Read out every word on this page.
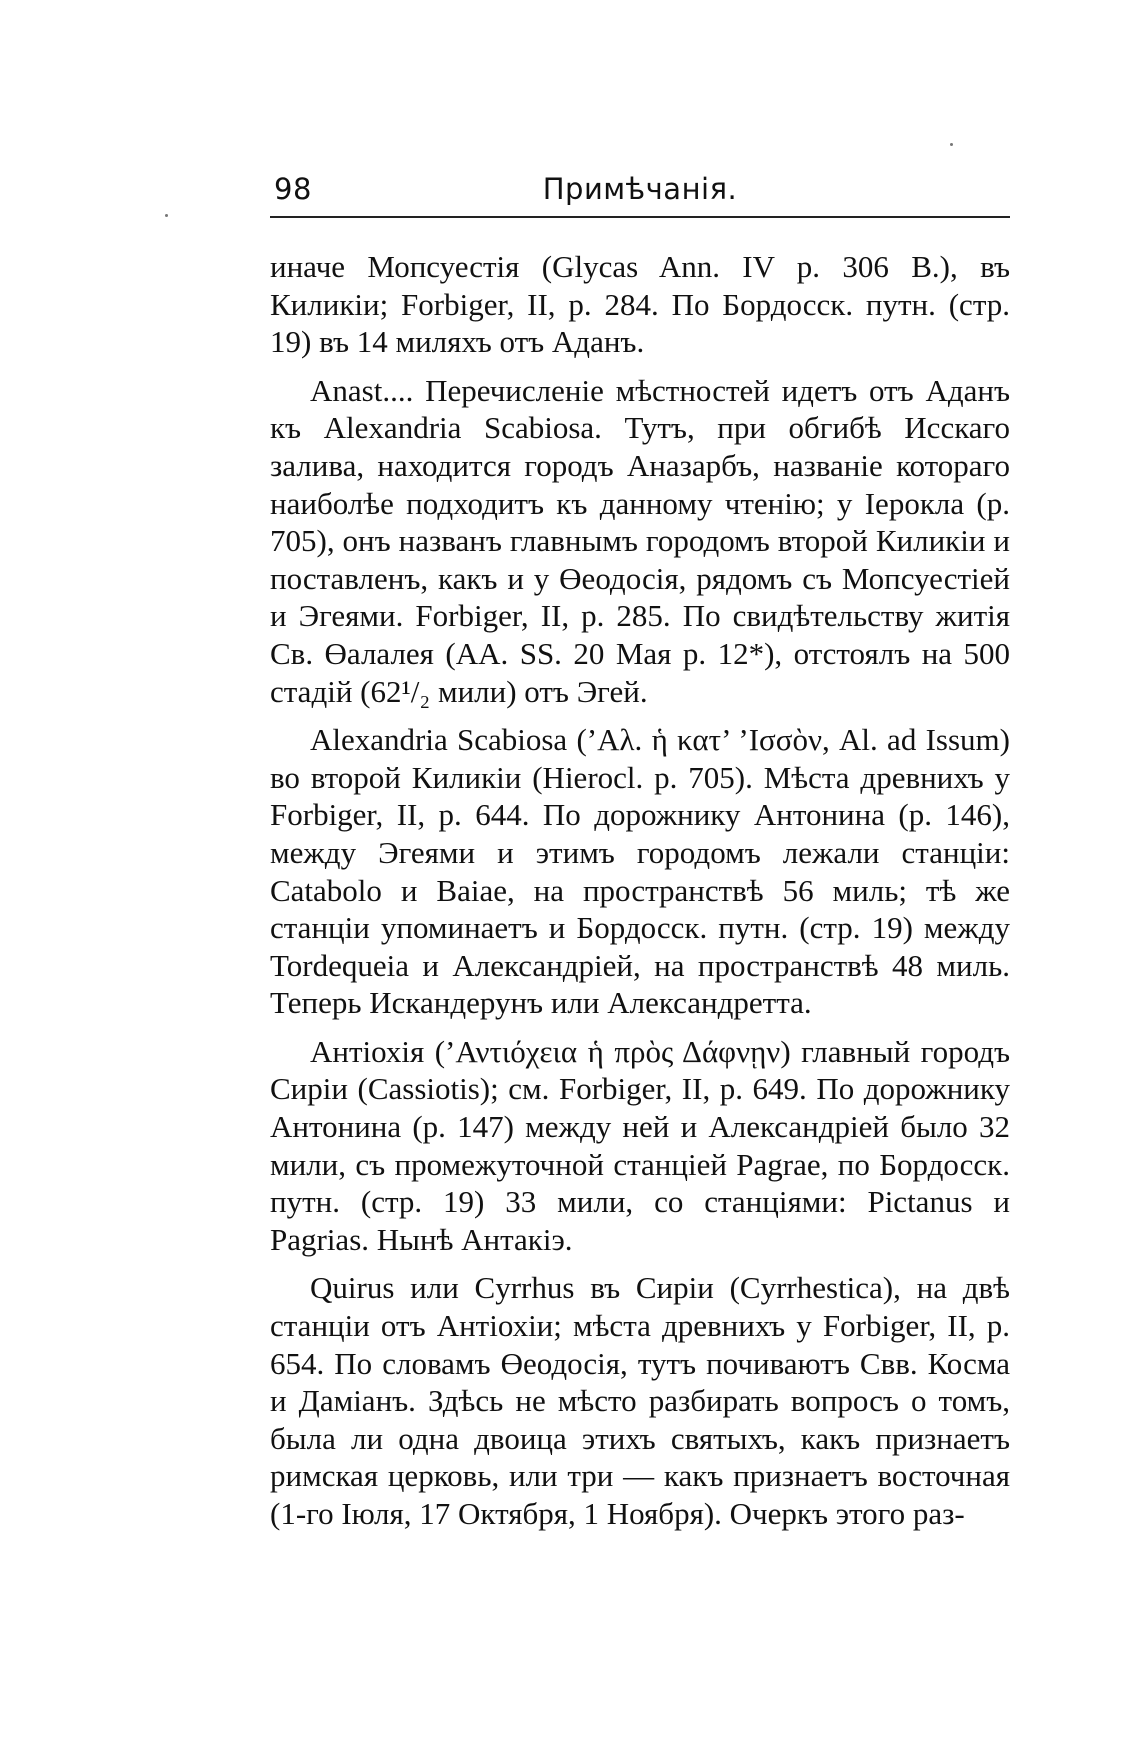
98	Примѣчанія.

иначе Мопсуестія (Glycas Ann. IV p. 306 B.), въ Киликіи; Forbiger, II, p. 284. По Бордосск. путн. (стр. 19) въ 14 миляхъ отъ Аданъ.

Anast.... Перечисленіе мѣстностей идетъ отъ Аданъ къ Alexandria Scabiosa. Тутъ, при обгибѣ Исскаго залива, находится городъ Аназарбъ, названіе котораго наиболѣе подходитъ къ данному чтенію; у Іерокла (p. 705), онъ названъ главнымъ городомъ второй Киликіи и поставленъ, какъ и у Өеодосія, рядомъ съ Мопсуестіей и Эгеями. Forbiger, II, p. 285. По свидѣтельству житія Св. Өалалея (АА. SS. 20 Мая p. 12*), отстоялъ на 500 стадій (62¹/₂ мили) отъ Эгей.

Alexandria Scabiosa (’Αλ. ἡ κατ’ ’Ισσὸν, Al. ad Issum) во второй Киликіи (Hierocl. p. 705). Мѣста древнихъ у Forbiger, II, p. 644. По дорожнику Антонина (p. 146), между Эгеями и этимъ городомъ лежали станціи: Catabolo и Baiae, на пространствѣ 56 миль; тѣ же станціи упоминаетъ и Бордосск. путн. (стр. 19) между Tordequeia и Александріей, на пространствѣ 48 миль. Теперь Искандерунъ или Александретта.

Антіохія (’Αντιόχεια ἡ πρὸς Δάφνῃν) главный городъ Сиріи (Cassiotis); см. Forbiger, II, p. 649. По дорожнику Антонина (p. 147) между ней и Александріей было 32 мили, съ промежуточной станціей Pagrae, по Бордосск. путн. (стр. 19) 33 мили, со станціями: Pictanus и Pagrias. Нынѣ Антакіэ.

Quirus или Cyrrhus въ Сиріи (Cyrrhestica), на двѣ станціи отъ Антіохіи; мѣста древнихъ у Forbiger, II, p. 654. По словамъ Өеодосія, тутъ почиваютъ Свв. Косма и Даміанъ. Здѣсь не мѣсто разбирать вопросъ о томъ, была ли одна двоица этихъ святыхъ, какъ признаетъ римская церковь, или три — какъ признаетъ восточная (1-го Іюля, 17 Октября, 1 Ноября). Очеркъ этого раз-
